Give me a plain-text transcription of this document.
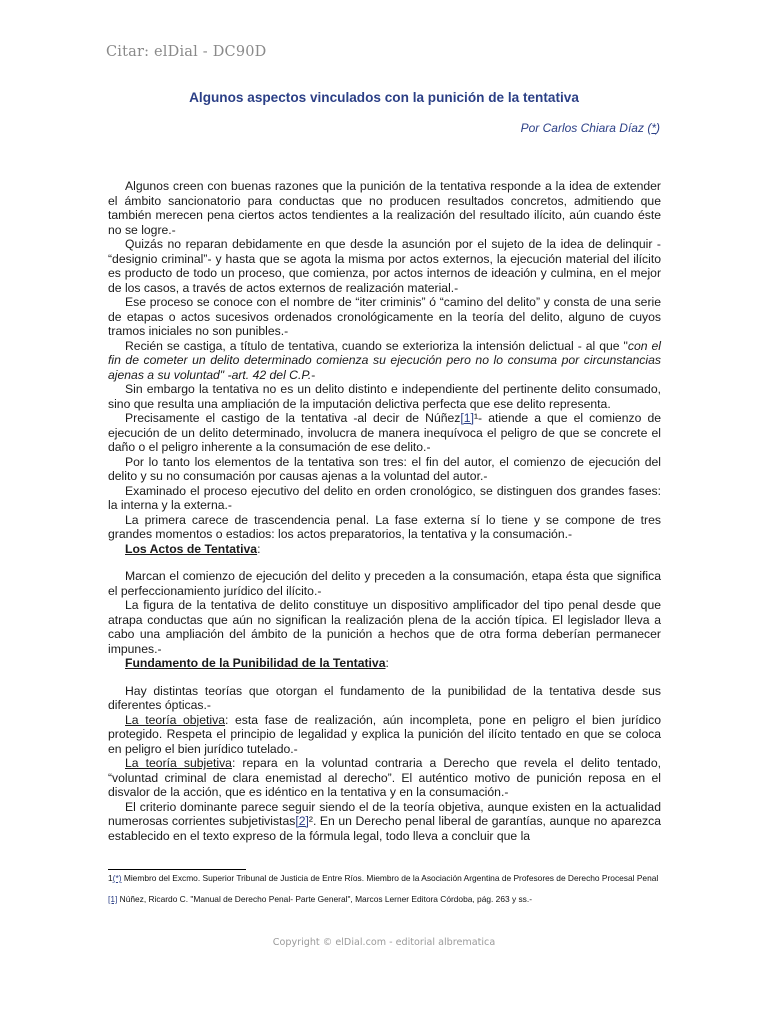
Citar: elDial - DC90D
Algunos aspectos vinculados con la punición de la tentativa
Por Carlos Chiara Díaz (*)

Algunos creen con buenas razones que la punición de la tentativa responde a la idea de extender el ámbito sancionatorio para conductas que no producen resultados concretos, admitiendo que también merecen pena ciertos actos tendientes a la realización del resultado ilícito, aún cuando éste no se logre.-

Quizás no reparan debidamente en que desde la asunción por el sujeto de la idea de delinquir - “designio criminal”- y hasta que se agota la misma por actos externos, la ejecución material del ilícito es producto de todo un proceso, que comienza, por actos internos de ideación y culmina, en el mejor de los casos, a través de actos externos de realización material.-

Ese proceso se conoce con el nombre de “iter criminis” ó “camino del delito” y consta de una serie de etapas o actos sucesivos ordenados cronológicamente en la teoría del delito, alguno de cuyos tramos iniciales no son punibles.-

Recién se castiga, a título de tentativa, cuando se exterioriza la intensión delictual - al que "con el fin de cometer un delito determinado comienza su ejecución pero no lo consuma por circunstancias ajenas a su voluntad" -art. 42 del C.P.-

Sin embargo la tentativa no es un delito distinto e independiente del pertinente delito consumado, sino que resulta una ampliación de la imputación delictiva perfecta que ese delito representa.

Precisamente el castigo de la tentativa -al decir de Núñez[1]¹- atiende a que el comienzo de ejecución de un delito determinado, involucra de manera inequívoca el peligro de que se concrete el daño o el peligro inherente a la consumación de ese delito.-

Por lo tanto los elementos de la tentativa son tres: el fin del autor, el comienzo de ejecución del delito y su no consumación por causas ajenas a la voluntad del autor.-

Examinado el proceso ejecutivo del delito en orden cronológico, se distinguen dos grandes fases: la interna y la externa.-

La primera carece de trascendencia penal. La fase externa sí lo tiene y se compone de tres grandes momentos o estadios: los actos preparatorios, la tentativa y la consumación.-

Los Actos de Tentativa:

Marcan el comienzo de ejecución del delito y preceden a la consumación, etapa ésta que significa el perfeccionamiento jurídico del ilícito.-

La figura de la tentativa de delito constituye un dispositivo amplificador del tipo penal desde que atrapa conductas que aún no significan la realización plena de la acción típica. El legislador lleva a cabo una ampliación del ámbito de la punición a hechos que de otra forma deberían permanecer impunes.-

Fundamento de la Punibilidad de la Tentativa:

Hay distintas teorías que otorgan el fundamento de la punibilidad de la tentativa desde sus diferentes ópticas.-

La teoría objetiva: esta fase de realización, aún incompleta, pone en peligro el bien jurídico protegido. Respeta el principio de legalidad y explica la punición del ilícito tentado en que se coloca en peligro el bien jurídico tutelado.-

La teoría subjetiva: repara en la voluntad contraria a Derecho que revela el delito tentado, “voluntad criminal de clara enemistad al derecho”. El auténtico motivo de punición reposa en el disvalor de la acción, que es idéntico en la tentativa y en la consumación.-

El criterio dominante parece seguir siendo el de la teoría objetiva, aunque existen en la actualidad numerosas corrientes subjetivistas[2]². En un Derecho penal liberal de garantías, aunque no aparezca establecido en el texto expreso de la fórmula legal, todo lleva a concluir que la

1(*) Miembro del Excmo. Superior Tribunal de Justicia de Entre Ríos. Miembro de la Asociación Argentina de Profesores de Derecho Procesal Penal
[1] Núñez, Ricardo C. "Manual de Derecho Penal- Parte General", Marcos Lerner Editora Córdoba, pág. 263 y ss.-
Copyright © elDial.com - editorial albrematica
